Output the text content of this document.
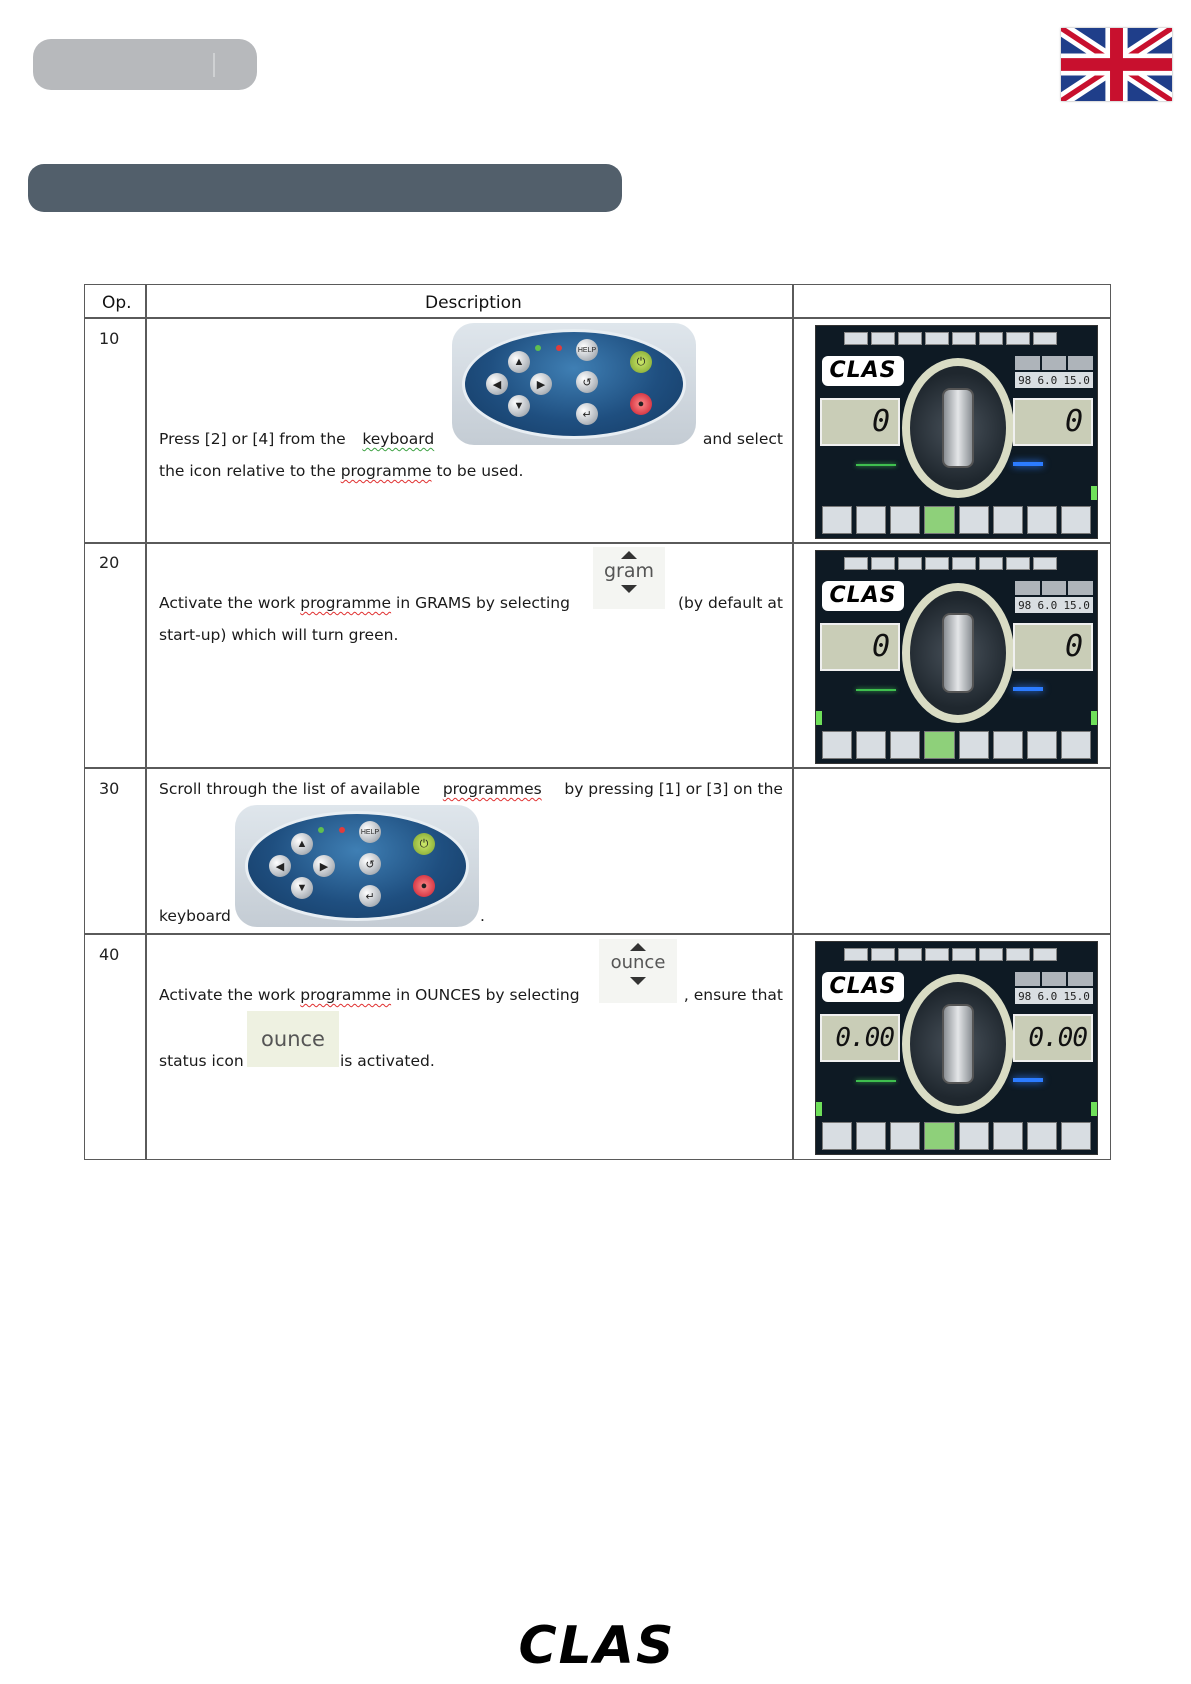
Op.	Description
10
▲
◀	▶
▼
HELP
↺
↵
⏻
●
Press [2] or [4] from the keyboard	and select
the icon relative to the programme to be used.
CLAS	98 6.0 15.0
0	0
20	gram
Activate the work programme in GRAMS by selecting	(by default at
start-up) which will turn green.
CLAS	98 6.0 15.0
0	0
30	Scroll through the list of available programmes by pressing [1] or [3] on the
▲
◀	▶
▼
HELP
↺
↵
⏻
●
keyboard	.
40	ounce
Activate the work programme in OUNCES by selecting	, ensure that
ounce
status icon	is activated.
CLAS	98 6.0 15.0
0.00	0.00
CLAS
